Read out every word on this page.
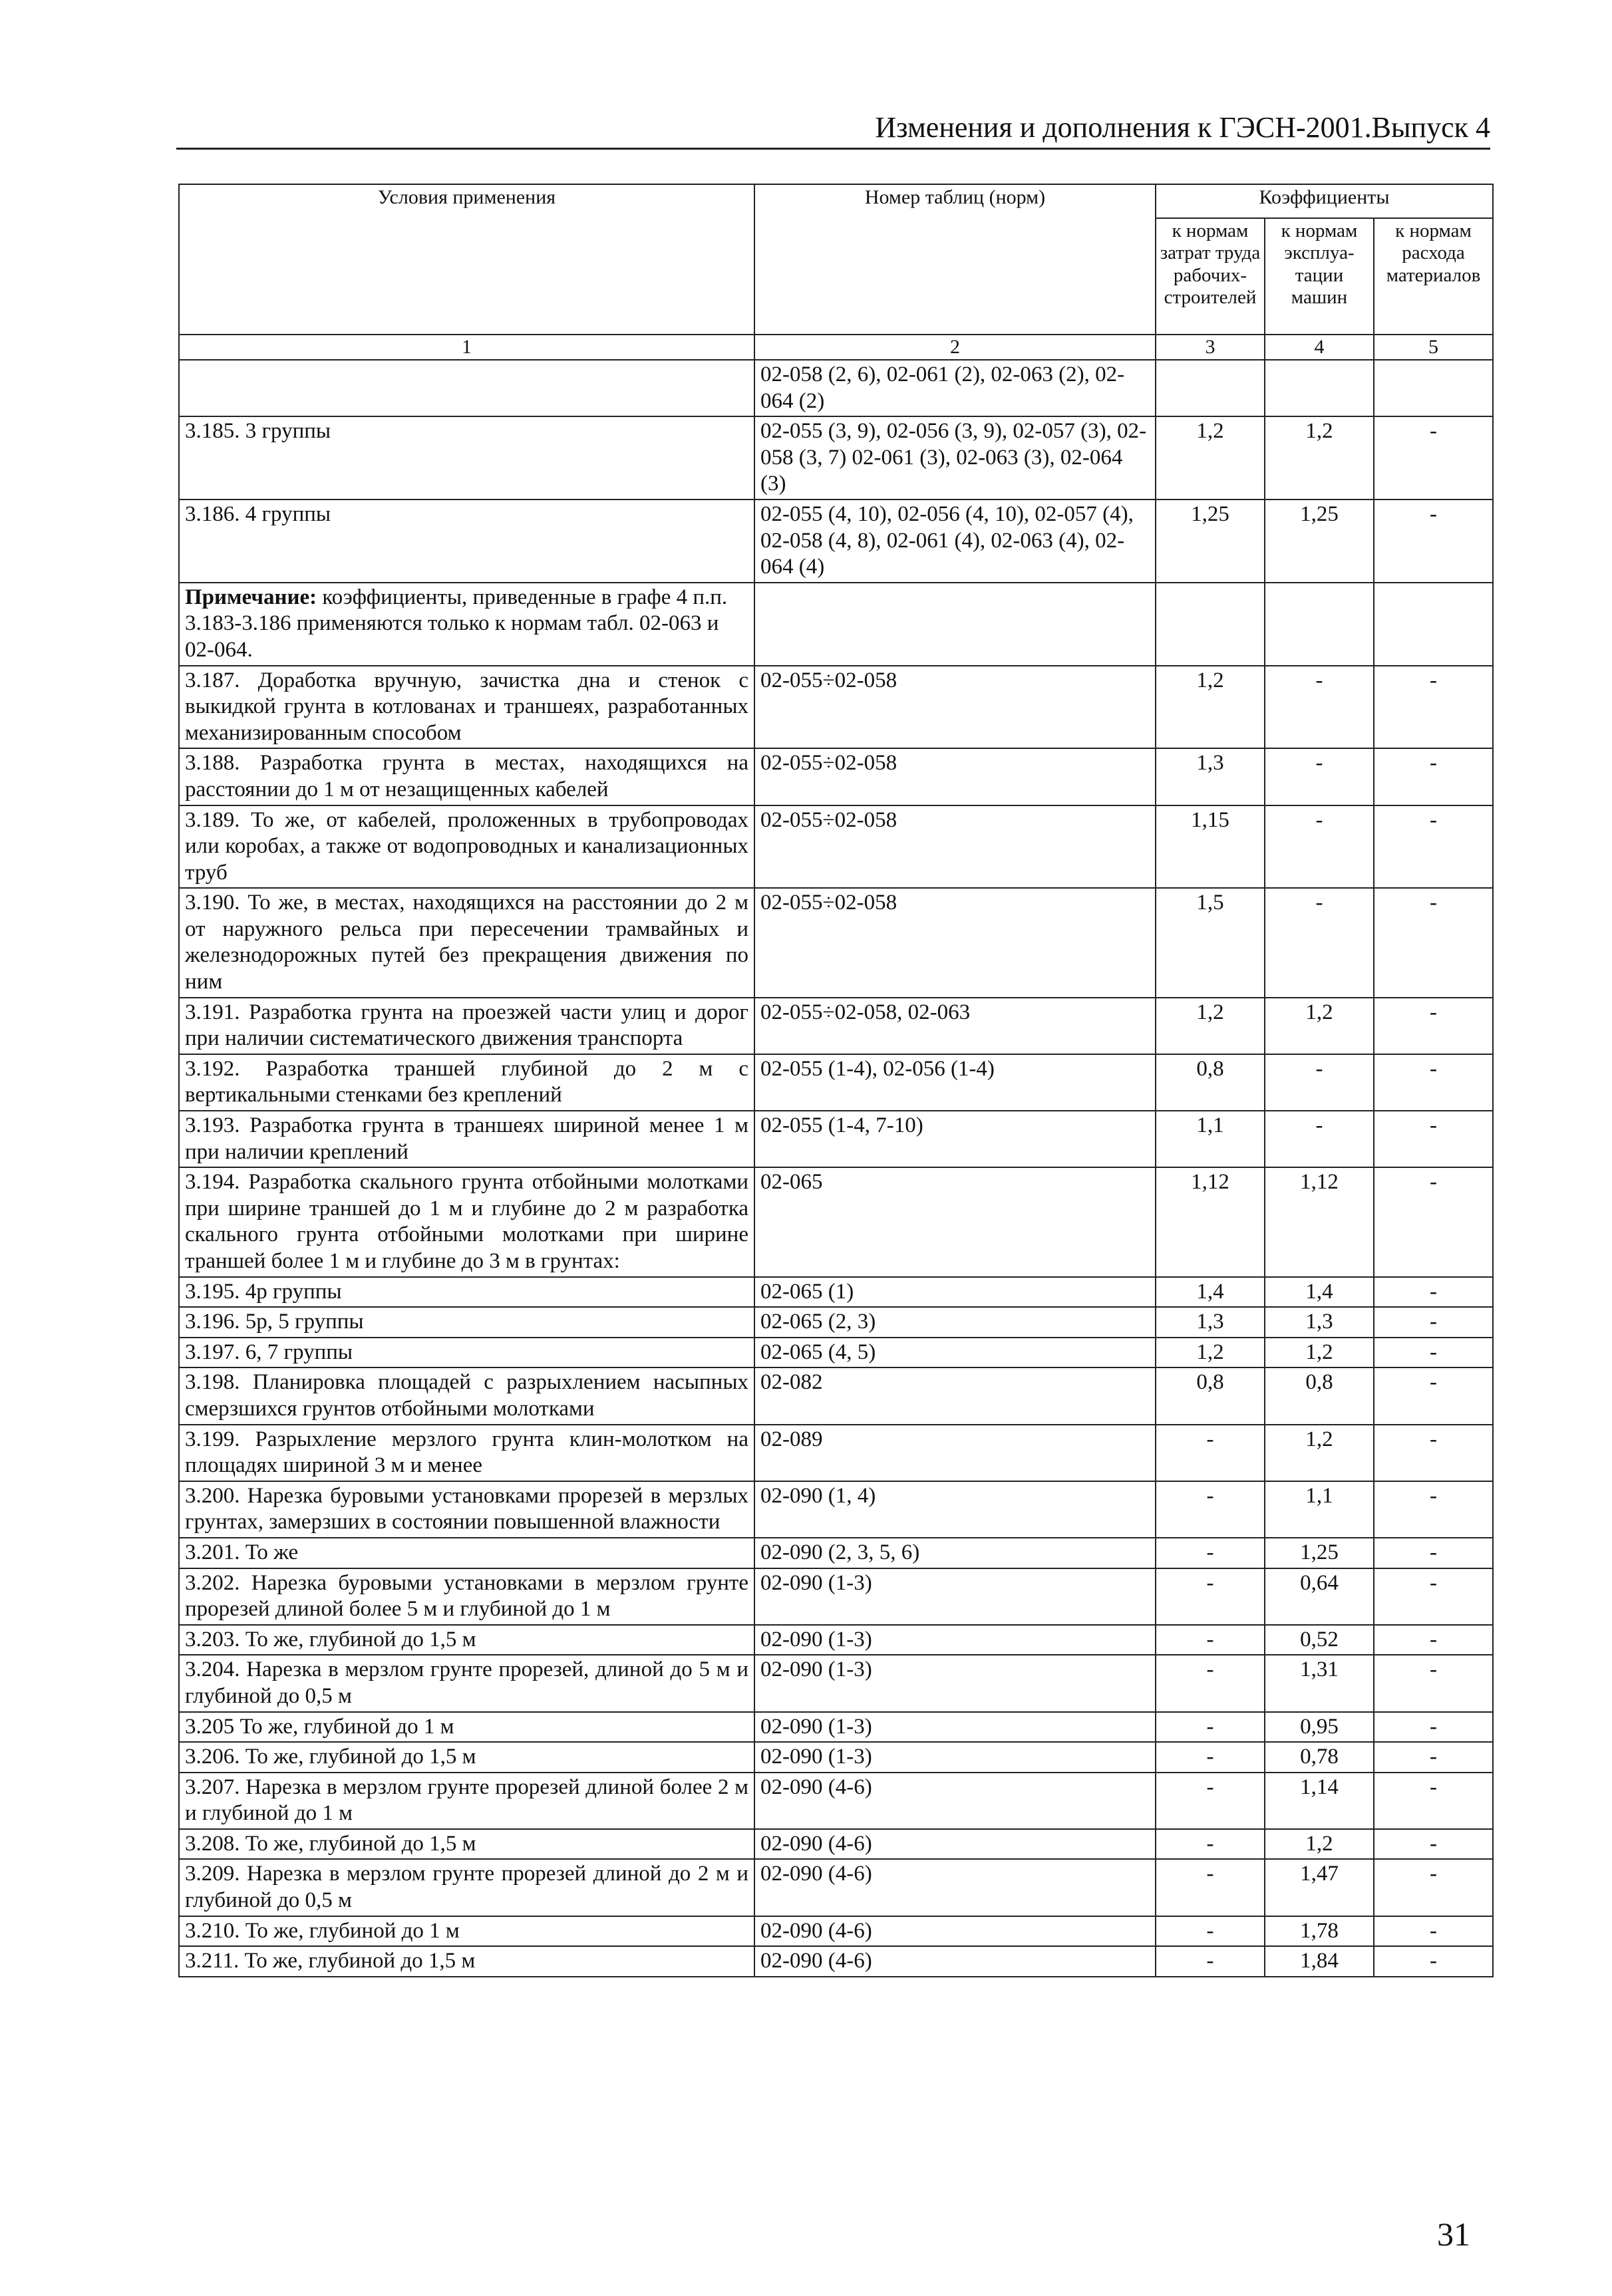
Изменения и дополнения к ГЭСН-2001.Выпуск 4
Условия применения	Номер таблиц (норм)	Коэффициенты		
		к нормам затрат труда рабочих-строителей	к нормам эксплуа-тации машин	к нормам расхода материалов
1	2	3	4	5
	02-058 (2, 6), 02-061 (2), 02-063 (2), 02-064 (2)			
3.185. 3 группы	02-055 (3, 9), 02-056 (3, 9), 02-057 (3), 02-058 (3, 7) 02-061 (3), 02-063 (3), 02-064 (3)	1,2	1,2	-
3.186. 4 группы	02-055 (4, 10), 02-056 (4, 10), 02-057 (4), 02-058 (4, 8), 02-061 (4), 02-063 (4), 02-064 (4)	1,25	1,25	-
Примечание: коэффициенты, приведенные в графе 4 п.п. 3.183-3.186 применяются только к нормам табл. 02-063 и 02-064.				
3.187. Доработка вручную, зачистка дна и стенок с выкидкой грунта в котлованах и траншеях, разработанных механизированным способом	02-055÷02-058	1,2	-	-
3.188. Разработка грунта в местах, находящихся на расстоянии до 1 м от незащищенных кабелей	02-055÷02-058	1,3	-	-
3.189. То же, от кабелей, проложенных в трубопроводах или коробах, а также от водопроводных и канализационных труб	02-055÷02-058	1,15	-	-
3.190. То же, в местах, находящихся на расстоянии до 2 м от наружного рельса при пересечении трамвайных и железнодорожных путей без прекращения движения по ним	02-055÷02-058	1,5	-	-
3.191. Разработка грунта на проезжей части улиц и дорог при наличии систематического движения транспорта	02-055÷02-058, 02-063	1,2	1,2	-
3.192. Разработка траншей глубиной до 2 м с вертикальными стенками без креплений	02-055 (1-4), 02-056 (1-4)	0,8	-	-
3.193. Разработка грунта в траншеях шириной менее 1 м при наличии креплений	02-055 (1-4, 7-10)	1,1	-	-
3.194. Разработка скального грунта отбойными молотками при ширине траншей до 1 м и глубине до 2 м разработка скального грунта отбойными молотками при ширине траншей более 1 м и глубине до 3 м в грунтах:	02-065	1,12	1,12	-
3.195. 4р группы	02-065 (1)	1,4	1,4	-
3.196. 5р, 5 группы	02-065 (2, 3)	1,3	1,3	-
3.197. 6, 7 группы	02-065 (4, 5)	1,2	1,2	-
3.198. Планировка площадей с разрыхлением насыпных смерзшихся грунтов отбойными молотками	02-082	0,8	0,8	-
3.199. Разрыхление мерзлого грунта клин-молотком на площадях шириной 3 м и менее	02-089	-	1,2	-
3.200. Нарезка буровыми установками прорезей в мерзлых грунтах, замерзших в состоянии повышенной влажности	02-090 (1, 4)	-	1,1	-
3.201. То же	02-090 (2, 3, 5, 6)	-	1,25	-
3.202. Нарезка буровыми установками в мерзлом грунте прорезей длиной более 5 м и глубиной до 1 м	02-090 (1-3)	-	0,64	-
3.203. То же, глубиной до 1,5 м	02-090 (1-3)	-	0,52	-
3.204. Нарезка в мерзлом грунте прорезей, длиной до 5 м и глубиной до 0,5 м	02-090 (1-3)	-	1,31	-
3.205 То же, глубиной до 1 м	02-090 (1-3)	-	0,95	-
3.206. То же, глубиной до 1,5 м	02-090 (1-3)	-	0,78	-
3.207. Нарезка в мерзлом грунте прорезей длиной более 2 м и глубиной до 1 м	02-090 (4-6)	-	1,14	-
3.208. То же, глубиной до 1,5 м	02-090 (4-6)	-	1,2	-
3.209. Нарезка в мерзлом грунте прорезей длиной до 2 м и глубиной до 0,5 м	02-090 (4-6)	-	1,47	-
3.210. То же, глубиной до 1 м	02-090 (4-6)	-	1,78	-
3.211. То же, глубиной до 1,5 м	02-090 (4-6)	-	1,84	-
31
